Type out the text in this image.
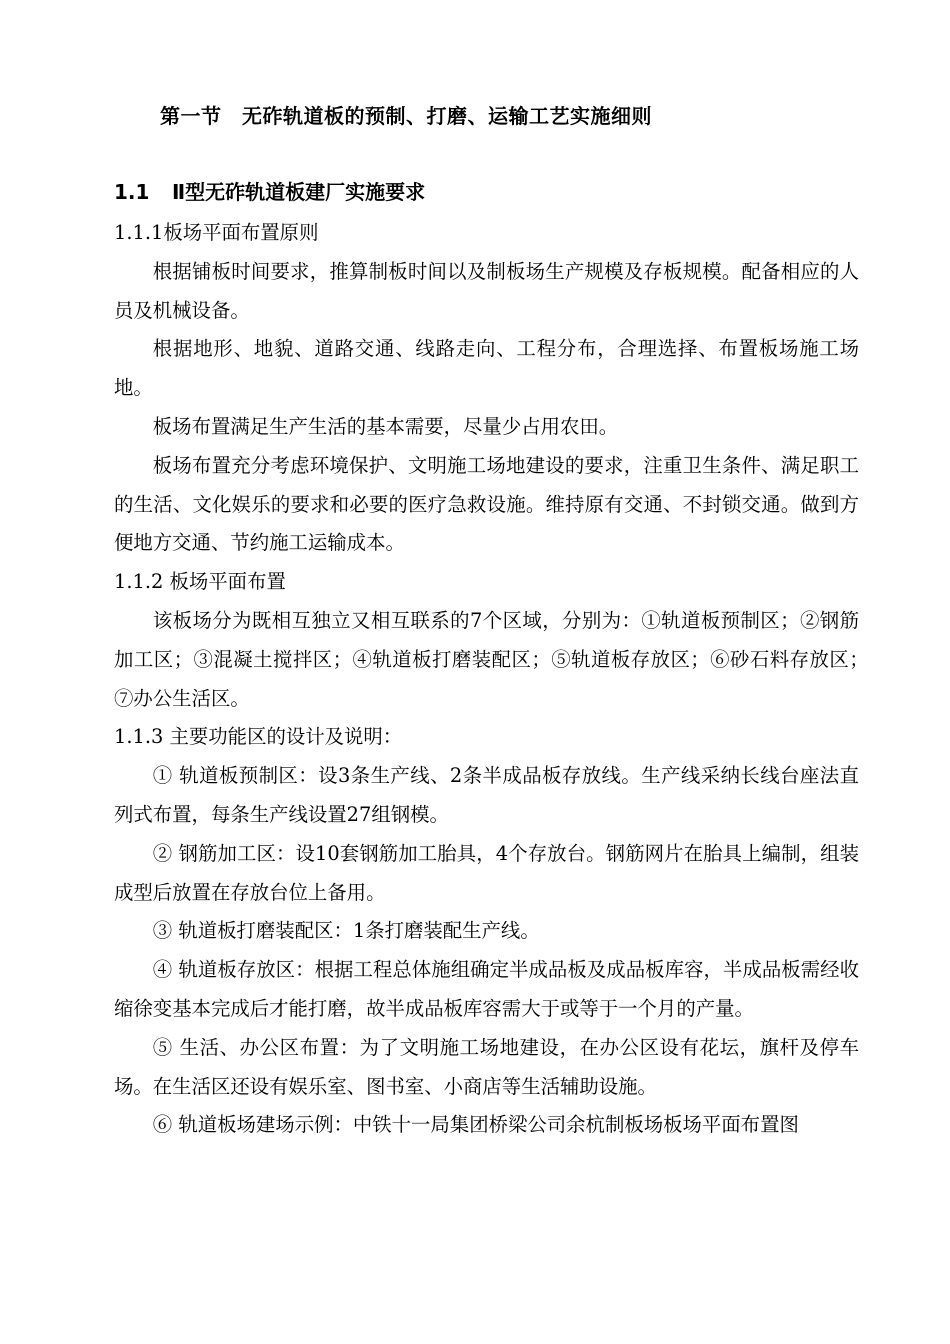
第一节　无砟轨道板的预制、打磨、运输工艺实施细则
1.1 Ⅱ型无砟轨道板建厂实施要求

1.1.1板场平面布置原则

根据铺板时间要求，推算制板时间以及制板场生产规模及存板规模。配备相应的人员及机械设备。

根据地形、地貌、道路交通、线路走向、工程分布，合理选择、布置板场施工场地。

板场布置满足生产生活的基本需要，尽量少占用农田。

板场布置充分考虑环境保护、文明施工场地建设的要求，注重卫生条件、满足职工的生活、文化娱乐的要求和必要的医疗急救设施。维持原有交通、不封锁交通。做到方便地方交通、节约施工运输成本。

1.1.2 板场平面布置

该板场分为既相互独立又相互联系的7个区域，分别为：①轨道板预制区；②钢筋加工区；③混凝土搅拌区；④轨道板打磨装配区；⑤轨道板存放区；⑥砂石料存放区；　⑦办公生活区。

1.1.3 主要功能区的设计及说明：

① 轨道板预制区：设3条生产线、2条半成品板存放线。生产线采纳长线台座法直列式布置，每条生产线设置27组钢模。

② 钢筋加工区：设10套钢筋加工胎具，4个存放台。钢筋网片在胎具上编制，组装成型后放置在存放台位上备用。

③ 轨道板打磨装配区：1条打磨装配生产线。

④ 轨道板存放区：根据工程总体施组确定半成品板及成品板库容，半成品板需经收缩徐变基本完成后才能打磨，故半成品板库容需大于或等于一个月的产量。

⑤ 生活、办公区布置：为了文明施工场地建设，在办公区设有花坛，旗杆及停车场。在生活区还设有娱乐室、图书室、小商店等生活辅助设施。

⑥ 轨道板场建场示例：中铁十一局集团桥梁公司余杭制板场板场平面布置图
